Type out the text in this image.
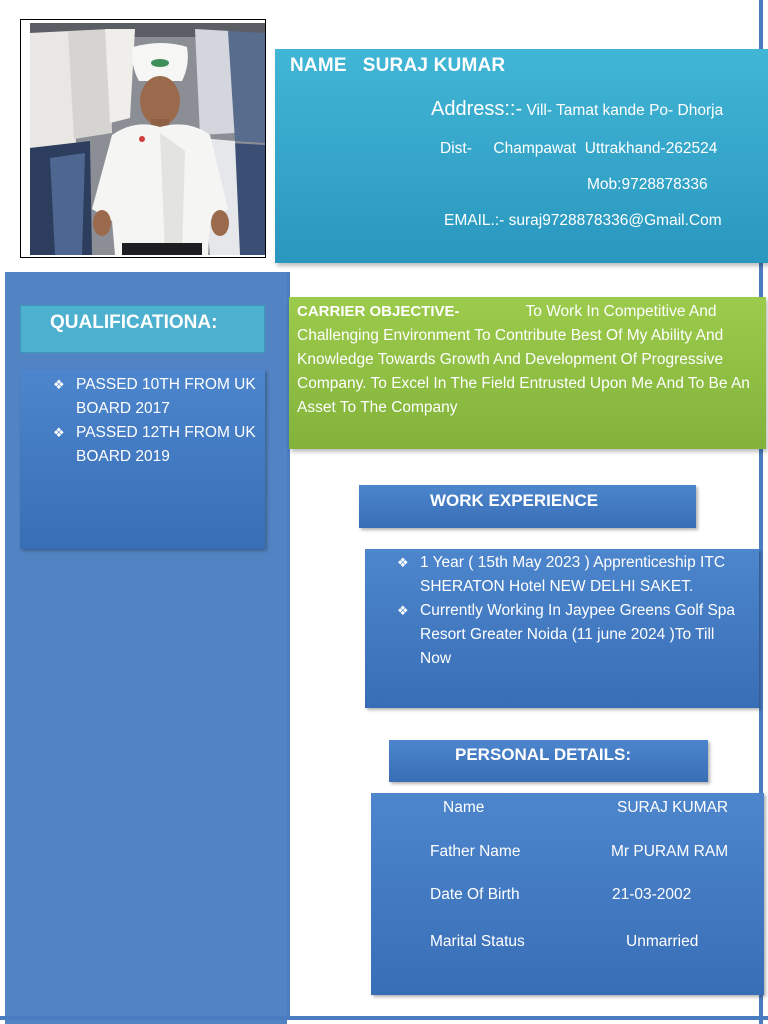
NAME SURAJ KUMAR
Address::- Vill- Tamat kande Po- Dhorja
Dist-     Champawat  Uttrakhand-262524
Mob:9728878336
EMAIL.:- suraj9728878336@Gmail.Com
QUALIFICATIONA:
❖ PASSED 10TH FROM UK
BOARD 2017
❖ PASSED 12TH FROM UK
BOARD 2019
CARRIER OBJECTIVE-	To Work In Competitive And Challenging Environment To Contribute Best Of My Ability And Knowledge Towards Growth And Development Of Progressive Company. To Excel In The Field Entrusted Upon Me And To Be An Asset To The Company
WORK EXPERIENCE
❖ 1 Year ( 15th May 2023 ) Apprenticeship ITC SHERATON Hotel NEW DELHI SAKET.
❖ Currently Working In Jaypee Greens Golf Spa Resort Greater Noida (11 june 2024 )To Till Now
PERSONAL DETAILS:
Name	SURAJ KUMAR
Father Name	Mr PURAM RAM
Date Of Birth	21-03-2002
Marital Status	Unmarried
